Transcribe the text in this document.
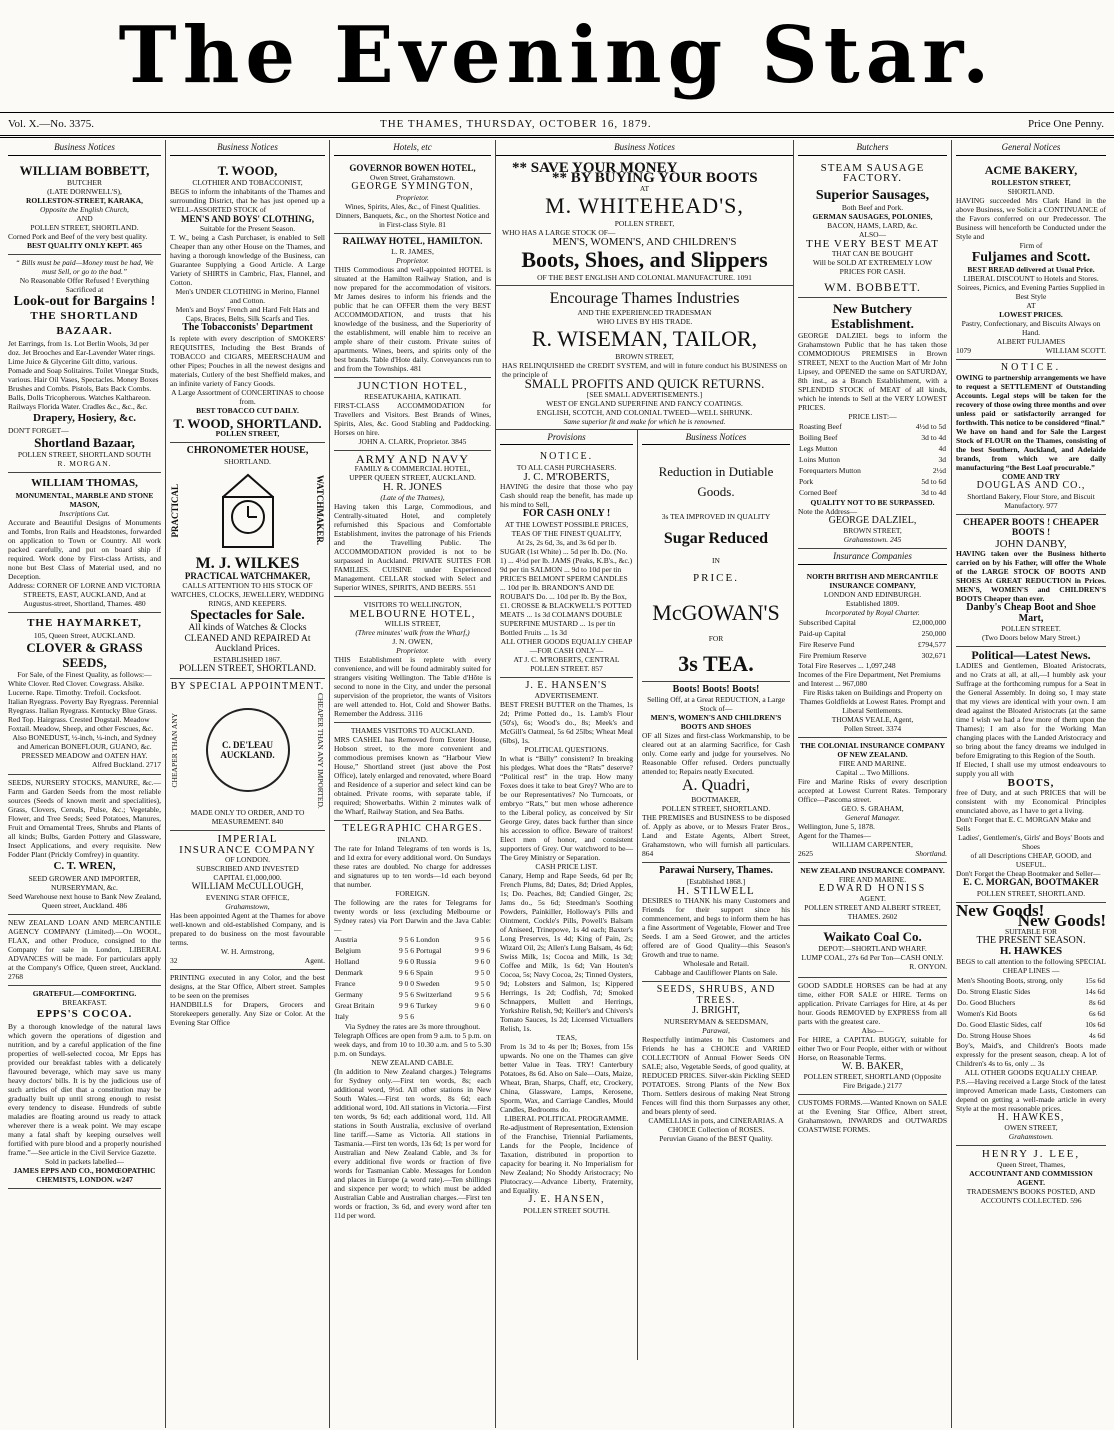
The Evening Star.
Vol. X.—No. 3375.	THE THAMES, THURSDAY, OCTOBER 16, 1879.	Price One Penny.
Business Notices
WILLIAM BOBBETT,
BUTCHER
(LATE DORNWELL'S),
ROLLESTON-STREET, KARAKA,
Opposite the English Church,
AND
POLLEN STREET, SHORTLAND.
Corned Pork and Beef of the very best quality.
BEST QUALITY ONLY KEPT. 465
“ Bills must be paid—Money must be had, We must Sell, or go to the bad.”
No Reasonable Offer Refused ! Everything Sacrificed at
Look-out for Bargains !
THE SHORTLAND BAZAAR.
Jet Earrings, from 1s. Lot Berlin Wools, 3d per doz. Jet Brooches and Ear-Lavender Water rings. Lime Juice & Glycerine Gilt ditto, various. Pomade and Soap Solitaires. Toilet Vinegar Studs, various. Hair Oil Vases, Spectacles. Money Boxes Brushes and Combs. Pistols, Bats Back Combs. Balls, Dolls Tricopherous. Watches Kalthareon. Railways Florida Water. Cradles &c., &c., &c.
Drapery, Hosiery, &c.
DON'T FORGET—
Shortland Bazaar,
POLLEN STREET, SHORTLAND SOUTH
R. MORGAN.
WILLIAM THOMAS,
MONUMENTAL, MARBLE AND STONE MASON,
Inscriptions Cut.
Accurate and Beautiful Designs of Monuments and Tombs, Iron Rails and Headstones, forwarded on application to Town or Country. All work packed carefully, and put on board ship if required. Work done by First-class Artists, and none but Best Class of Material used, and no Deception.
Address: CORNER OF LORNE AND VICTORIA STREETS, EAST, AUCKLAND, And at Augustus-street, Shortland, Thames. 480
THE HAYMARKET,
105, Queen Street, AUCKLAND.
CLOVER & GRASS SEEDS,
For Sale, of the Finest Quality, as follows:—
White Clover. Red Clover. Cowgrass. Alsike. Lucerne. Rape. Timothy. Trefoil. Cocksfoot. Italian Ryegrass. Poverty Bay Ryegrass. Perennial Ryegrass. Italian Ryegrass. Kentucky Blue Grass. Red Top. Hairgrass. Crested Dogstail. Meadow Foxtail. Meadow, Sheep, and other Fescues, &c.
Also BONEDUST, ½-inch, ¼-inch, and Sydney and American BONEFLOUR, GUANO, &c. PRESSED MEADOW and OATEN HAY.
Alfred Buckland. 2717
SEEDS, NURSERY STOCKS, MANURE, &c.—Farm and Garden Seeds from the most reliable sources (Seeds of known merit and specialities), Grass, Clovers, Cereals, Pulse, &c.; Vegetable, Flower, and Tree Seeds; Seed Potatoes, Manures, Fruit and Ornamental Trees, Shrubs and Plants of all kinds; Bulbs, Garden Pottery and Glassware, Insect Applications, and every requisite. New Fodder Plant (Prickly Comfrey) in quantity.
C. T. WREN,
SEED GROWER AND IMPORTER, NURSERYMAN, &c.
Seed Warehouse next house to Bank New Zealand, Queen street, Auckland. 486
NEW ZEALAND LOAN AND MERCANTILE AGENCY COMPANY (Limited).—On WOOL, FLAX, and other Produce, consigned to the Company for sale in London, LIBERAL ADVANCES will be made. For particulars apply at the Company's Office, Queen street, Auckland. 2768
GRATEFUL—COMFORTING.
BREAKFAST.
EPPS'S COCOA.
By a thorough knowledge of the natural laws which govern the operations of digestion and nutrition, and by a careful application of the fine properties of well-selected cocoa, Mr Epps has provided our breakfast tables with a delicately flavoured beverage, which may save us many heavy doctors' bills. It is by the judicious use of such articles of diet that a constitution may be gradually built up until strong enough to resist every tendency to disease. Hundreds of subtle maladies are floating around us ready to attack wherever there is a weak point. We may escape many a fatal shaft by keeping ourselves well fortified with pure blood and a properly nourished frame.”—See article in the Civil Service Gazette.
Sold in packets labelled—
JAMES EPPS AND CO., HOMŒOPATHIC CHEMISTS, LONDON. w247
Business Notices
T. WOOD,
CLOTHIER AND TOBACCONIST,
BEGS to inform the inhabitants of the Thames and surrounding District, that he has just opened up a WELL-ASSORTED STOCK of
MEN'S AND BOYS' CLOTHING,
Suitable for the Present Season.
T. W., being a Cash Purchaser, is enabled to Sell Cheaper than any other House on the Thames, and having a thorough knowledge of the Business, can Guarantee Supplying a Good Article. A Large Variety of SHIRTS in Cambric, Flax, Flannel, and Cotton.
Men's UNDER CLOTHING in Merino, Flannel and Cotton.
Men's and Boys' French and Hard Felt Hats and Caps, Braces, Belts, Silk Scarfs and Ties.
The Tobacconists' Department
Is replete with every description of SMOKERS' REQUISITES, Including the Best Brands of TOBACCO and CIGARS, MEERSCHAUM and other Pipes; Pouches in all the newest designs and materials, Cutlery of the best Sheffield makes, and an infinite variety of Fancy Goods.
A Large Assortment of CONCERTINAS to choose from.
BEST TOBACCO CUT DAILY.
T. WOOD, SHORTLAND.
POLLEN STREET,
CHRONOMETER HOUSE,
SHORTLAND.
PRACTICAL	WATCHMAKER.
M. J. WILKES
PRACTICAL WATCHMAKER,
CALLS ATTENTION TO HIS STOCK OF WATCHES, CLOCKS, JEWELLERY, WEDDING RINGS, AND KEEPERS.
Spectacles for Sale.
All kinds of Watches & Clocks CLEANED AND REPAIRED At Auckland Prices.
ESTABLISHED 1867.
POLLEN STREET, SHORTLAND.
BY SPECIAL APPOINTMENT.
CHEAPER THAN ANY	C. DE'LEAU AUCKLAND.	CHEAPER THAN ANY IMPORTED.
MADE ONLY TO ORDER, AND TO MEASUREMENT. 840
IMPERIAL
INSURANCE COMPANY
OF LONDON.
SUBSCRIBED AND INVESTED
CAPITAL £1,000,000.
WILLIAM McCULLOUGH,
EVENING STAR OFFICE,
Grahamstown,
Has been appointed Agent at the Thames for above well-known and old-established Company, and is prepared to do business on the most favourable terms.
W. H. Armstrong,
32	Agent.
PRINTING executed in any Color, and the best designs, at the Star Office, Albert street. Samples to be seen on the premises
HANDBILLS for Drapers, Grocers and Storekeepers generally. Any Size or Color. At the Evening Star Office
Hotels, etc
GOVERNOR BOWEN HOTEL,
Owen Street, Grahamstown.
GEORGE SYMINGTON,
Proprietor.
Wines, Spirits, Ales, &c., of Finest Qualities.
Dinners, Banquets, &c., on the Shortest Notice and in First-class Style. 81
RAILWAY HOTEL, HAMILTON.
L. R. JAMES,
Proprietor.
THIS Commodious and well-appointed HOTEL is situated at the Hamilton Railway Station, and is now prepared for the accommodation of visitors. Mr James desires to inform his friends and the public that he can OFFER them the very BEST ACCOMMODATION, and trusts that his knowledge of the business, and the Superiority of the establishment, will enable him to receive an ample share of their custom. Private suites of apartments. Wines, beers, and spirits only of the best brands. Table d'Hote daily. Conveyances run to and from the Townships. 481
JUNCTION HOTEL,
RESEATUKAHIA, KATIKATI.
FIRST-CLASS ACCOMMODATION for Travellers and Visitors. Best Brands of Wines, Spirits, Ales, &c. Good Stabling and Paddocking. Horses on hire.
JOHN A. CLARK, Proprietor. 3845
ARMY AND NAVY
FAMILY & COMMERCIAL HOTEL,
UPPER QUEEN STREET, AUCKLAND.
H. R. JONES
(Late of the Thames),
Having taken this Large, Commodious, and Centrally-situated Hotel, and completely refurnished this Spacious and Comfortable Establishment, invites the patronage of his Friends and the Travelling Public. The ACCOMMODATION provided is not to be surpassed in Auckland. PRIVATE SUITES FOR FAMILIES. CUISINE under Experienced Management. CELLAR stocked with Select and Superior WINES, SPIRITS, AND BEERS. 551
VISITORS TO WELLINGTON,
MELBOURNE HOTEL,
WILLIS STREET,
(Three minutes' walk from the Wharf,)
J. N. OWEN,
Proprietor.
THIS Establishment is replete with every convenience, and will be found admirably suited for strangers visiting Wellington. The Table d'Hôte is second to none in the City, and under the personal supervision of the proprietor, the wants of Visitors are well attended to. Hot, Cold and Shower Baths. Remember the Address. 3116
THAMES VISITORS TO AUCKLAND.
MRS CASHEL has Removed from Exeter House, Hobson street, to the more convenient and commodious premises known as “Harbour View House,” Shortland street (just above the Post Office), lately enlarged and renovated, where Board and Residence of a superior and select kind can be obtained. Private rooms, with separate table, if required; Showerbaths. Within 2 minutes walk of the Wharf, Railway Station, and Sea Baths.
TELEGRAPHIC CHARGES.
INLAND.
The rate for Inland Telegrams of ten words is 1s, and 1d extra for every additional word. On Sundays these rates are doubled. No charge for addresses and signatures up to ten words—1d each beyond that number.
FOREIGN.
The following are the rates for Telegrams for twenty words or less (excluding Melbourne or Sydney rates) via Port Darwin and the Java Cable:—
Austria	9 5 6	London	9 5 6
Belgium	9 5 6	Portugal	9 9 6
Holland	9 6 0	Russia	9 6 0
Denmark	9 6 6	Spain	9 5 0
France	9 0 0	Sweden	9 5 0
Germany	9 5 6	Switzerland	9 5 6
Great Britain	9 9 6	Turkey	9 6 0
Italy	9 5 6		
Via Sydney the rates are 3s more throughout.
Telegraph Offices are open from 9 a.m. to 5 p.m. on week days, and from 10 to 10.30 a.m. and 5 to 5.30 p.m. on Sundays.
NEW ZEALAND CABLE.
(In addition to New Zealand charges.) Telegrams for Sydney only.—First ten words, 8s; each additional word, 9½d. All other stations in New South Wales.—First ten words, 8s 6d; each additional word, 10d. All stations in Victoria.—First ten words, 9s 6d; each additional word, 11d. All stations in South Australia, exclusive of overland line tariff.—Same as Victoria. All stations in Tasmania.—First ten words, 13s 6d; 1s per word for Australian and New Zealand Cable, and 3s for every additional five words or fraction of five words for Tasmanian Cable. Messages for London and places in Europe (a word rate).—Ten shillings and sixpence per word; to which must be added Australian Cable and Australian charges.—First ten words or fraction, 3s 6d, and every word after ten 11d per word.
Business Notices
** SAVE YOUR MONEY
** BY BUYING YOUR BOOTS
AT
M. WHITEHEAD'S,
POLLEN STREET,
WHO HAS A LARGE STOCK OF—
MEN'S, WOMEN'S, AND CHILDREN'S
Boots, Shoes, and Slippers
OF THE BEST ENGLISH AND COLONIAL MANUFACTURE. 1091
Encourage Thames Industries
AND THE EXPERIENCED TRADESMAN
WHO LIVES BY HIS TRADE.
R. WISEMAN, TAILOR,
BROWN STREET,
HAS RELINQUISHED the CREDIT SYSTEM, and will in future conduct his BUSINESS on the principle of
SMALL PROFITS AND QUICK RETURNS.
[SEE SMALL ADVERTISEMENTS.]
WEST OF ENGLAND SUPERFINE AND FANCY COATINGS.
ENGLISH, SCOTCH, AND COLONIAL TWEED—WELL SHRUNK.
Same superior fit and make for which he is renowned.
Provisions
NOTICE.
TO ALL CASH PURCHASERS.
J. C. M'ROBERTS,
HAVING the desire that those who pay Cash should reap the benefit, has made up his mind to Sell,
FOR CASH ONLY !
AT THE LOWEST POSSIBLE PRICES,
TEAS OF THE FINEST QUALITY,
At 2s, 2s 6d, 3s, and 3s 6d per lb.
SUGAR (1st White) ... 5d per lb. Do. (No. 1) ... 4½d per lb. JAMS (Peaks, K.B's., &c.) 9d per tin SALMON ... 9d to 10d per tin PRICE'S BELMONT SPERM CANDLES ... 10d per lb. BRANDON'S AND DE ROUBAI'S Do. ... 10d per lb. By the Box, £1. CROSSE & BLACKWELL'S POTTED MEATS ... 1s 3d COLMAN'S DOUBLE SUPERFINE MUSTARD ... 1s per tin Bottled Fruits ... 1s 3d
ALL OTHER GOODS EQUALLY CHEAP —FOR CASH ONLY—
AT J. C. M'ROBERTS, CENTRAL POLLEN STREET. 857
J. E. HANSEN'S
ADVERTISEMENT.
BEST FRESH BUTTER on the Thames, 1s 2d; Prime Potted do., 1s. Lamb's Flour (50's), 6s; Wood's do., 8s; Meek's and McGill's Oatmeal, 5s 6d 25lbs; Wheat Meal (6lbs), 1s.
POLITICAL QUESTIONS.
In what is “Billy” consistent? In breaking his pledges. What does the “Rats” deserve? “Political rest” in the trap. How many Foxes does it take to beat Grey? Who are to be our Representatives? No Turncoats, or embryo “Rats,” but men whose adherence to the Liberal policy, as conceived by Sir George Grey, dates back further than since his accession to office. Beware of traitors! Elect men of honor, and consistent supporters of Grey. Our watchword to be—The Grey Ministry or Separation.
CASH PRICE LIST.
Canary, Hemp and Rape Seeds, 6d per lb; French Plums, 8d; Dates, 8d; Dried Apples, 1s; Do. Peaches, 8d; Candied Ginger, 2s; Jams do., 5s 6d; Steedman's Soothing Powders, Painkiller, Holloway's Pills and Ointment, Cockle's Pills, Powell's Balsam of Aniseed, Trinepowe, 1s 4d each; Baxter's Long Preserves, 1s 4d; King of Pain, 2s; Wizard Oil, 2s; Allen's Lung Balsam, 4s 6d; Swiss Milk, 1s; Cocoa and Milk, 1s 3d; Coffee and Milk, 1s 6d; Van Houten's Cocoa, 5s; Navy Cocoa, 2s; Tinned Oysters, 9d; Lobsters and Salmon, 1s; Kippered Herrings, 1s 2d; Codfish, 7d; Smoked Schnappers, Mullett and Herrings, Yorkshire Relish, 9d; Keiller's and Chivers's Tomato Sauces, 1s 2d; Licensed Victuallers Relish, 1s.
TEAS,
From 1s 3d to 4s per lb; Boxes, from 15s upwards. No one on the Thames can give better Value in Teas. TRY! Canterbury Potatoes, 8s 6d. Also on Sale—Oats, Maize, Wheat, Bran, Sharps, Chaff, etc, Crockery, China, Glassware, Lamps, Kerosene, Sporm, Wax, and Carriage Candles, Mould Candles, Bedrooms do.
LIBERAL POLITICAL PROGRAMME.
Re-adjustment of Representation, Extension of the Franchise, Triennial Parliaments, Lands for the People, Incidence of Taxation, distributed in proportion to capacity for bearing it. No Imperialism for New Zealand; No Shoddy Aristocracy; No Plutocracy.—Advance Liberty, Fraternity, and Equality.
J. E. HANSEN,
POLLEN STREET SOUTH.
Business Notices
Reduction in Dutiable Goods.
3s TEA IMPROVED IN QUALITY
Sugar Reduced
IN
PRICE.
McGOWAN'S
FOR
3s TEA.
Boots! Boots! Boots!
Selling Off, at a Great REDUCTION, a Large Stock of—
MEN'S, WOMEN'S AND CHILDREN'S BOOTS AND SHOES
OF all Sizes and first-class Workmanship, to be cleared out at an alarming Sacrifice, for Cash only. Come early and judge for yourselves. No Reasonable Offer refused. Orders punctually attended to; Repairs neatly Executed.
A. Quadri,
BOOTMAKER,
POLLEN STREET, SHORTLAND.
THE PREMISES and BUSINESS to be disposed of. Apply as above, or to Messrs Frater Bros., Land and Estate Agents, Albert Street, Grahamstown, who will furnish all particulars. 864
Parawai Nursery, Thames.
[Established 1868.]
H. STILWELL
DESIRES to THANK his many Customers and Friends for their support since his commencement, and begs to inform them he has a fine Assortment of Vegetable, Flower and Tree Seeds. I am a Seed Grower, and the articles offered are of Good Quality—this Season's Growth and true to name.
Wholesale and Retail.
Cabbage and Cauliflower Plants on Sale.
SEEDS, SHRUBS, AND TREES.
J. BRIGHT,
NURSERYMAN & SEEDSMAN,
Parawai,
Respectfully intimates to his Customers and Friends he has a CHOICE and VARIED COLLECTION of Annual Flower Seeds ON SALE; also, Vegetable Seeds, of good quality, at REDUCED PRICES. Silver-skin Pickling SEED POTATOES. Strong Plants of the New Box Thorn. Settlers desirous of making Neat Strong Fences will find this thorn Surpasses any other, and bears plenty of seed.
CAMELLIAS in pots, and CINERARIAS. A CHOICE Collection of ROSES.
Peruvian Guano of the BEST Quality.
Butchers
STEAM SAUSAGE FACTORY.
Superior Sausages,
Both Beef and Pork.
GERMAN SAUSAGES, POLONIES,
BACON, HAMS, LARD, &c.
ALSO—
THE VERY BEST MEAT
THAT CAN BE BOUGHT
Will be SOLD AT EXTREMELY LOW
PRICES FOR CASH.
WM. BOBBETT.
New Butchery Establishment.
GEORGE DALZIEL begs to inform the Grahamstown Public that he has taken those COMMODIOUS PREMISES in Brown STREET, NEXT to the Auction Mart of Mr John Lipsey, and OPENED the same on SATURDAY, 8th inst., as a Branch Establishment, with a SPLENDID STOCK of MEAT of all kinds, which he intends to Sell at the VERY LOWEST PRICES.
PRICE LIST:—
Roasting Beef	4½d to 5d
Boiling Beef	3d to 4d
Legs Mutton	4d
Loins Mutton	3d
Forequarters Mutton	2½d
Pork	5d to 6d
Corned Beef	3d to 4d
QUALITY NOT TO BE SURPASSED.
Note the Address—
GEORGE DALZIEL,
BROWN STREET,
Grahamstown. 245
Insurance Companies
NORTH BRITISH AND MERCANTILE INSURANCE COMPANY,
LONDON AND EDINBURGH.
Established 1809.
Incorporated by Royal Charter.
Subscribed Capital	£2,000,000
Paid-up Capital	250,000
Fire Reserve Fund	£794,577
Fire Premium Reserve	302,671
Total Fire Reserves ... 1,097,248
Incomes of the Fire Department, Net Premiums and Interest ... 967,080
Fire Risks taken on Buildings and Property on Thames Goldfields at Lowest Rates. Prompt and Liberal Settlements.
THOMAS VEALE, Agent,
Pollen Street. 3374
THE COLONIAL INSURANCE COMPANY OF NEW ZEALAND.
FIRE AND MARINE.
Capital ... Two Millions.
Fire and Marine Risks of every description accepted at Lowest Current Rates. Temporary Office—Pascoma street.
GEO. S. GRAHAM,
General Manager.
Wellington, June 5, 1878.
Agent for the Thames—
WILLIAM CARPENTER,
2625	Shortland.
NEW ZEALAND INSURANCE COMPANY.
FIRE AND MARINE.
EDWARD HONISS
AGENT.
POLLEN STREET AND ALBERT STREET, THAMES. 2602
Waikato Coal Co.
DEPOT:—SHORTLAND WHARF.
LUMP COAL, 27s 6d Per Ton—CASH ONLY.
R. ONYON.
GOOD SADDLE HORSES can be had at any time, either FOR SALE or HIRE. Terms on application. Private Carriages for Hire, at 4s per hour. Goods REMOVED by EXPRESS from all parts with the greatest care.
Also—
For HIRE, a CAPITAL BUGGY, suitable for either Two or Four People, either with or without Horse, on Reasonable Terms.
W. B. BAKER,
POLLEN STREET, SHORTLAND (Opposite Fire Brigade.) 2177
CUSTOMS FORMS.—Wanted Known on SALE at the Evening Star Office, Albert street, Grahamstown, INWARDS and OUTWARDS COASTWISE FORMS.
General Notices
ACME BAKERY,
ROLLESTON STREET,
SHORTLAND.
HAVING succeeded Mrs Clark Hand in the above Business, we Solicit a CONTINUANCE of the Favors conferred on our Predecessor. The Business will henceforth be Conducted under the Style and
Firm of
Fuljames and Scott.
BEST BREAD delivered at Usual Price.
LIBERAL DISCOUNT to Hotels and Stores.
Soirees, Picnics, and Evening Parties Supplied in Best Style
AT
LOWEST PRICES.
Pastry, Confectionary, and Biscuits Always on Hand.
ALBERT FULJAMES
1079	WILLIAM SCOTT.
NOTICE.
OWING to partnership arrangements we have to request a SETTLEMENT of Outstanding Accounts. Legal steps will be taken for the recovery of those owing three months and over unless paid or satisfactorily arranged for forthwith. This notice to be considered “final.”
We have on hand and for Sale the Largest Stock of FLOUR on the Thames, consisting of the best Southern, Auckland, and Adelaide brands, from which we are daily manufacturing “the Best Loaf procurable.”
COME AND TRY
DOUGLAS AND CO.,
Shortland Bakery, Flour Store, and Biscuit Manufactory. 977
CHEAPER BOOTS ! CHEAPER BOOTS !
JOHN DANBY,
HAVING taken over the Business hitherto carried on by his Father, will offer the Whole of the LARGE STOCK OF BOOTS AND SHOES At GREAT REDUCTION in Prices. MEN'S, WOMEN'S and CHILDREN'S BOOTS Cheaper than ever.
Danby's Cheap Boot and Shoe Mart,
POLLEN STREET.
(Two Doors below Mary Street.)
Political—Latest News.
LADIES and Gentlemen, Bloated Aristocrats, and no Crats at all, at all,—I humbly ask your Suffrage at the forthcoming rumpus for a Seat in the General Assembly. In doing so, I may state that my views are identical with your own. I am dead against the Bloated Aristocrats (at the same time I wish we had a few more of them upon the Thames); I am also for the Working Man changing places with the Landed Aristocracy and so bring about the fancy dreams we indulged in before Emigrating to this Region of the South.
If Elected, I shall use my utmost endeavours to supply you all with
BOOTS,
free of Duty, and at such PRICES that will be consistent with my Economical Principles enunciated above, as I have to get a living.
Don't Forget that E. C. MORGAN Make and Sells
Ladies', Gentlemen's, Girls' and Boys' Boots and Shoes
of all Descriptions CHEAP, GOOD, and USEFUL.
Don't Forget the Cheap Bootmaker and Seller—
E. C. MORGAN, BOOTMAKER
POLLEN STREET, SHORTLAND.
New Goods!
New Goods!
SUITABLE FOR
THE PRESENT SEASON.
H. HAWKES
BEGS to call attention to the following SPECIAL CHEAP LINES —
Men's Shooting Boots, strong, only	15s 6d
Do. Strong Elastic Sides	14s 6d
Do. Good Bluchers	8s 6d
Women's Kid Boots	6s 6d
Do. Good Elastic Sides, calf	10s 6d
Do. Strong House Shoes	4s 6d
Boy's, Maid's, and Children's Boots made expressly for the present season, cheap. A lot of Children's 4s to 6s, only ... 3s
ALL OTHER GOODS EQUALLY CHEAP.
P.S.—Having received a Large Stock of the latest improved American made Lasts, Customers can depend on getting a well-made article in every Style at the most reasonable prices.
H. HAWKES,
OWEN STREET,
Grahamstown.
HENRY J. LEE,
Queen Street, Thames,
ACCOUNTANT AND COMMISSION AGENT.
TRADESMEN'S BOOKS POSTED, AND ACCOUNTS COLLECTED. 596
